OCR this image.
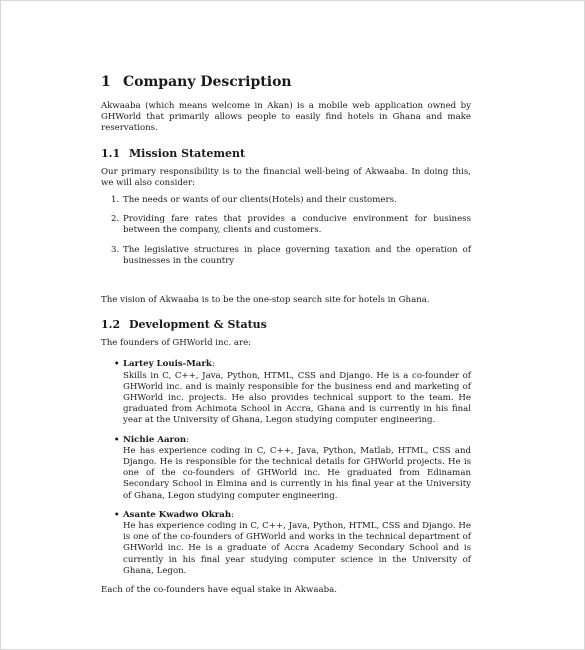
1 Company Description

Akwaaba (which means welcome in Akan) is a mobile web application owned by GHWorld that primarily allows people to easily find hotels in Ghana and make reservations.

1.1 Mission Statement

Our primary responsibility is to the financial well-being of Akwaaba. In doing this, we will also consider:

1. The needs or wants of our clients(Hotels) and their customers.
2. Providing fare rates that provides a conducive environment for business between the company, clients and customers.
3. The legislative structures in place governing taxation and the operation of businesses in the country

The vision of Akwaaba is to be the one-stop search site for hotels in Ghana.

1.2 Development & Status

The founders of GHWorld inc. are:

• Lartey Louis-Mark:
Skills in C, C++, Java, Python, HTML, CSS and Django. He is a co-founder of GHWorld inc. and is mainly responsible for the business end and marketing of GHWorld inc. projects. He also provides technical support to the team. He graduated from Achimota School in Accra, Ghana and is currently in his final year at the University of Ghana, Legon studying computer engineering.
• Nichie Aaron:
He has experience coding in C, C++, Java, Python, Matlab, HTML, CSS and Django. He is responsible for the technical details for GHWorld projects. He is one of the co-founders of GHWorld inc. He graduated from Edinaman Secondary School in Elmina and is currently in his final year at the University of Ghana, Legon studying computer engineering.
• Asante Kwadwo Okrah:
He has experience coding in C, C++, Java, Python, HTML, CSS and Django. He is one of the co-founders of GHWorld and works in the technical department of GHWorld inc. He is a graduate of Accra Academy Secondary School and is currently in his final year studying computer science in the University of Ghana, Legon.

Each of the co-founders have equal stake in Akwaaba.
